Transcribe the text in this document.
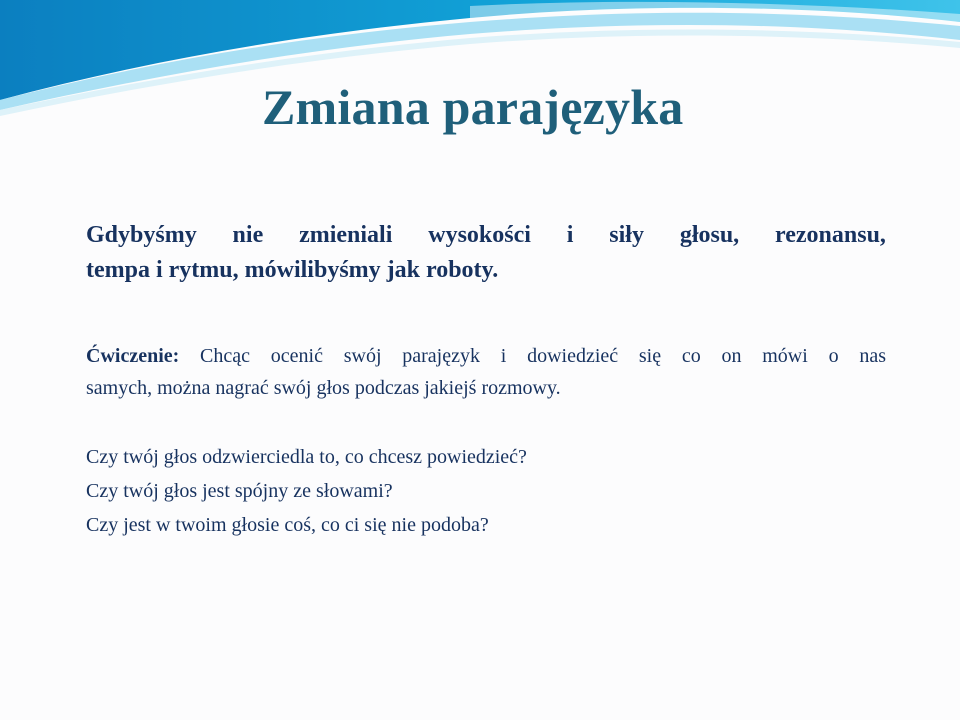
Zmiana parajęzyka
Gdybyśmy nie zmieniali wysokości i siły głosu, rezonansu,
tempa i rytmu, mówilibyśmy jak roboty.
Ćwiczenie: Chcąc ocenić swój parajęzyk i dowiedzieć się co on mówi o nas
samych, można nagrać swój głos podczas jakiejś rozmowy.
Czy twój głos odzwierciedla to, co chcesz powiedzieć?
Czy twój głos jest spójny ze słowami?
Czy jest w twoim głosie coś, co ci się nie podoba?
